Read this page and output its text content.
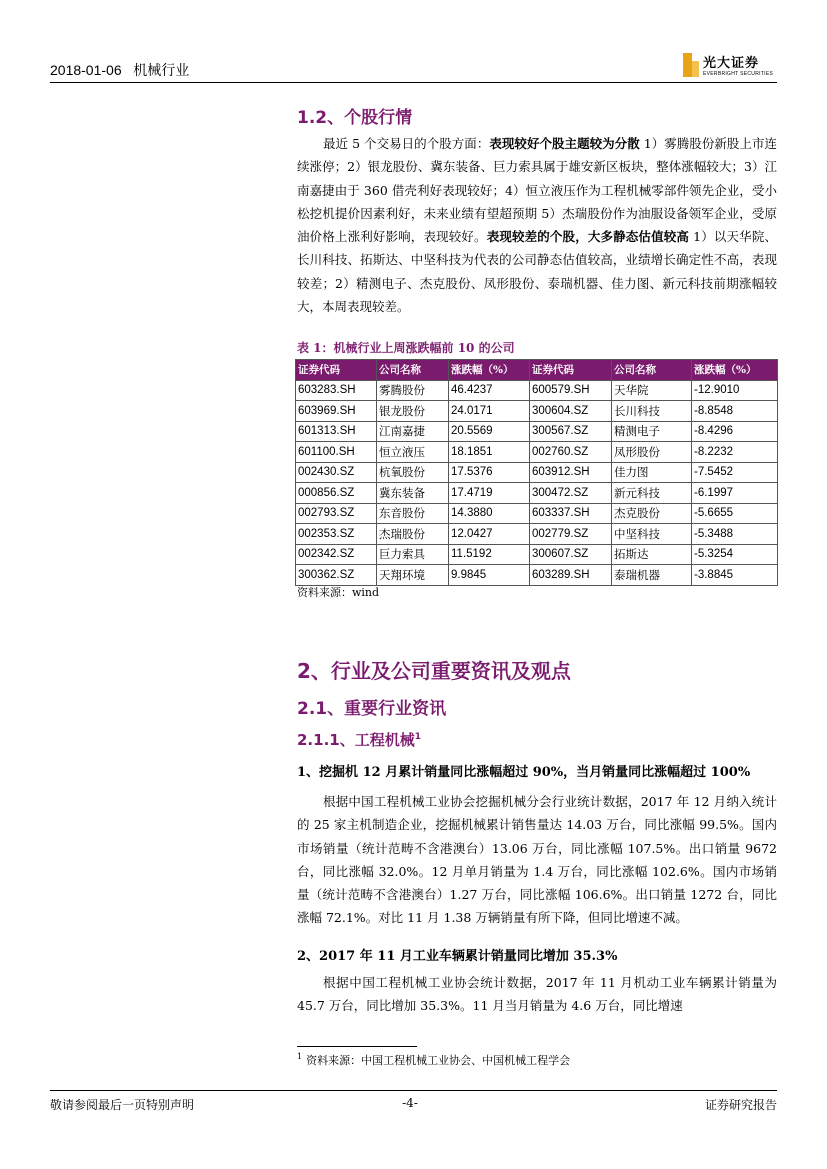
2018-01-06 机械行业	光大证券
EVERBRIGHT SECURITIES
1.2、个股行情
最近 5 个交易日的个股方面：表现较好个股主题较为分散 1）雾腾股份新股上市连续涨停；2）银龙股份、冀东装备、巨力索具属于雄安新区板块，整体涨幅较大；3）江南嘉捷由于 360 借壳利好表现较好；4）恒立液压作为工程机械零部件领先企业，受小松挖机提价因素利好，未来业绩有望超预期 5）杰瑞股份作为油服设备领军企业，受原油价格上涨利好影响，表现较好。表现较差的个股，大多静态估值较高 1）以天华院、长川科技、拓斯达、中坚科技为代表的公司静态估值较高，业绩增长确定性不高，表现较差；2）精测电子、杰克股份、凤形股份、泰瑞机器、佳力图、新元科技前期涨幅较大，本周表现较差。
表 1：机械行业上周涨跌幅前 10 的公司
证券代码	公司名称	涨跌幅（%）	证券代码	公司名称	涨跌幅（%）
603283.SH	雾腾股份	46.4237	600579.SH	天华院	-12.9010
603969.SH	银龙股份	24.0171	300604.SZ	长川科技	-8.8548
601313.SH	江南嘉捷	20.5569	300567.SZ	精测电子	-8.4296
601100.SH	恒立液压	18.1851	002760.SZ	凤形股份	-8.2232
002430.SZ	杭氧股份	17.5376	603912.SH	佳力图	-7.5452
000856.SZ	冀东装备	17.4719	300472.SZ	新元科技	-6.1997
002793.SZ	东音股份	14.3880	603337.SH	杰克股份	-5.6655
002353.SZ	杰瑞股份	12.0427	002779.SZ	中坚科技	-5.3488
002342.SZ	巨力索具	11.5192	300607.SZ	拓斯达	-5.3254
300362.SZ	天翔环境	9.9845	603289.SH	泰瑞机器	-3.8845
资料来源：wind
2、行业及公司重要资讯及观点
2.1、重要行业资讯
2.1.1、工程机械$^1$
1、挖掘机 12 月累计销量同比涨幅超过 90%，当月销量同比涨幅超过 100%
根据中国工程机械工业协会挖掘机械分会行业统计数据，2017 年 12 月纳入统计的 25 家主机制造企业，挖掘机械累计销售量达 14.03 万台，同比涨幅 99.5%。国内市场销量（统计范畴不含港澳台）13.06 万台，同比涨幅 107.5%。出口销量 9672 台，同比涨幅 32.0%。12 月单月销量为 1.4 万台，同比涨幅 102.6%。国内市场销量（统计范畴不含港澳台）1.27 万台，同比涨幅 106.6%。出口销量 1272 台，同比涨幅 72.1%。对比 11 月 1.38 万辆销量有所下降，但同比增速不减。
2、2017 年 11 月工业车辆累计销量同比增加 35.3%
根据中国工程机械工业协会统计数据，2017 年 11 月机动工业车辆累计销量为 45.7 万台，同比增加 35.3%。11 月当月销量为 4.6 万台，同比增速
$^1$ 资料来源：中国工程机械工业协会、中国机械工程学会
敬请参阅最后一页特别声明	-4-	证券研究报告
